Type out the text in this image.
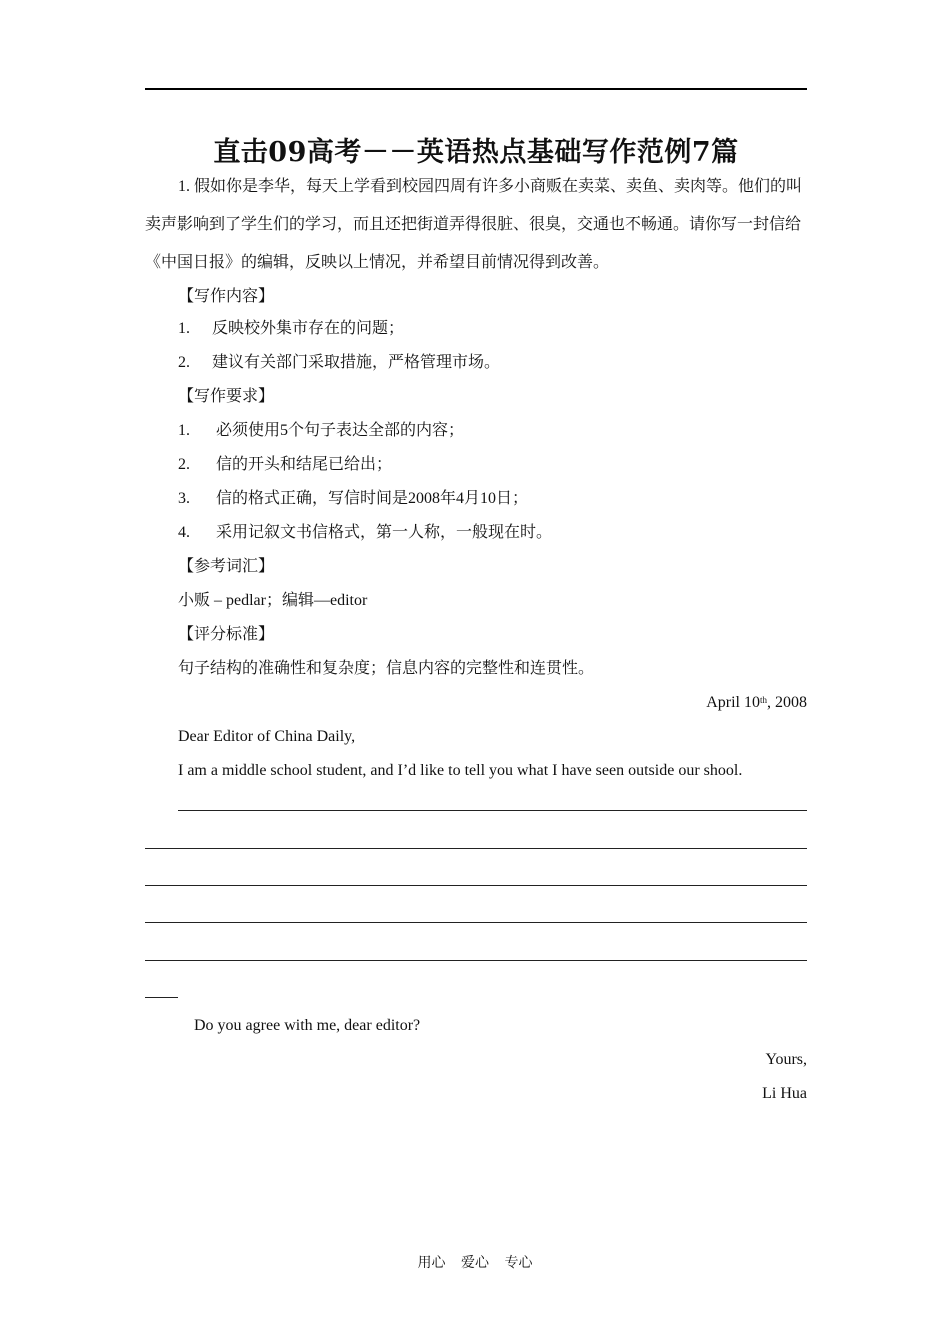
直击09高考－－英语热点基础写作范例7篇
1. 假如你是李华，每天上学看到校园四周有许多小商贩在卖菜、卖鱼、卖肉等。他们的叫
卖声影响到了学生们的学习，而且还把街道弄得很脏、很臭，交通也不畅通。请你写一封信给
《中国日报》的编辑，反映以上情况，并希望目前情况得到改善。
【写作内容】
1. 反映校外集市存在的问题；
2. 建议有关部门采取措施，严格管理市场。
【写作要求】
1. 必须使用5个句子表达全部的内容；
2. 信的开头和结尾已给出；
3. 信的格式正确，写信时间是2008年4月10日；
4. 采用记叙文书信格式，第一人称，一般现在时。
【参考词汇】
小贩 – pedlar；编辑—editor
【评分标准】
句子结构的准确性和复杂度；信息内容的完整性和连贯性。
April 10th, 2008
Dear Editor of China Daily,
I am a middle school student, and I’d like to tell you what I have seen outside our shool.
Do you agree with me, dear editor?
Yours,
Li Hua
用心 爱心 专心
